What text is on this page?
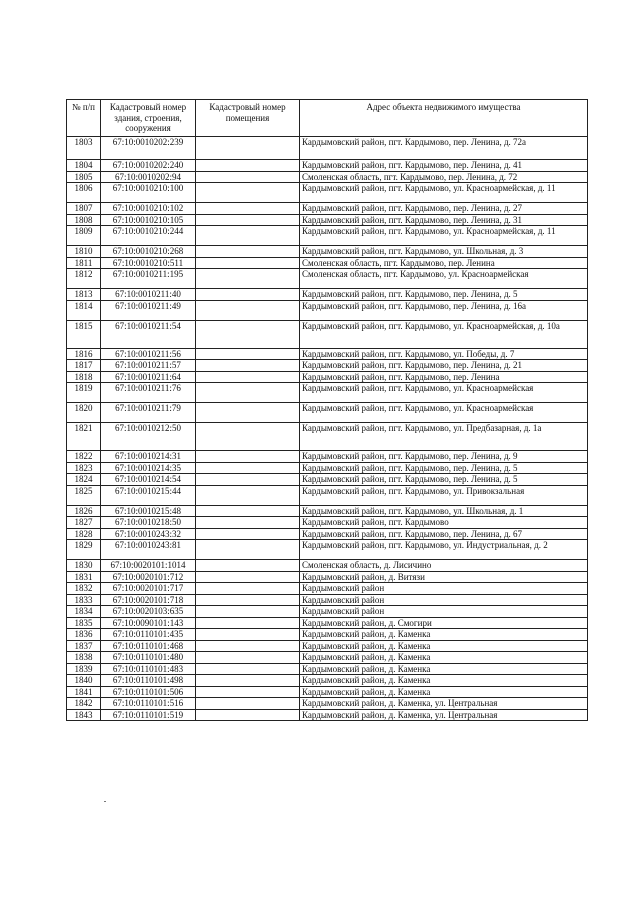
№ п/п	Кадастровый номер здания, строения, сооружения	Кадастровый номер помещения	Адрес объекта недвижимого имущества
1803	67:10:0010202:239		Кардымовский район, пгт. Кардымово, пер. Ленина, д. 72а
1804	67:10:0010202:240		Кардымовский район, пгт. Кардымово, пер. Ленина, д. 41
1805	67:10:0010202:94		Смоленская область, пгт. Кардымово, пер. Ленина, д. 72
1806	67:10:0010210:100		Кардымовский район, пгт. Кардымово, ул. Красноармейская, д. 11
1807	67:10:0010210:102		Кардымовский район, пгт. Кардымово, пер. Ленина, д. 27
1808	67:10:0010210:105		Кардымовский район, пгт. Кардымово, пер. Ленина, д. 31
1809	67:10:0010210:244		Кардымовский район, пгт. Кардымово, ул. Красноармейская, д. 11
1810	67:10:0010210:268		Кардымовский район, пгт. Кардымово, ул. Школьная, д. 3
1811	67:10:0010210:511		Смоленская область, пгт. Кардымово, пер. Ленина
1812	67:10:0010211:195		Смоленская область, пгт. Кардымово, ул. Красноармейская
1813	67:10:0010211:40		Кардымовский район, пгт. Кардымово, пер. Ленина, д. 5
1814	67:10:0010211:49		Кардымовский район, пгт. Кардымово, пер. Ленина, д. 16а
1815	67:10:0010211:54		Кардымовский район, пгт. Кардымово, ул. Красноармейская, д. 10а
1816	67:10:0010211:56		Кардымовский район, пгт. Кардымово, ул. Победы, д. 7
1817	67:10:0010211:57		Кардымовский район, пгт. Кардымово, пер. Ленина, д. 21
1818	67:10:0010211:64		Кардымовский район, пгт. Кардымово, пер. Ленина
1819	67:10:0010211:76		Кардымовский район, пгт. Кардымово, ул. Красноармейская
1820	67:10:0010211:79		Кардымовский район, пгт. Кардымово, ул. Красноармейская
1821	67:10:0010212:50		Кардымовский район, пгт. Кардымово, ул. Предбазарная, д. 1а
1822	67:10:0010214:31		Кардымовский район, пгт. Кардымово, пер. Ленина, д. 9
1823	67:10:0010214:35		Кардымовский район, пгт. Кардымово, пер. Ленина, д. 5
1824	67:10:0010214:54		Кардымовский район, пгт. Кардымово, пер. Ленина, д. 5
1825	67:10:0010215:44		Кардымовский район, пгт. Кардымово, ул. Привокзальная
1826	67:10:0010215:48		Кардымовский район, пгт. Кардымово, ул. Школьная, д. 1
1827	67:10:0010218:50		Кардымовский район, пгт. Кардымово
1828	67:10:0010243:32		Кардымовский район, пгт. Кардымово, пер. Ленина, д. 67
1829	67:10:0010243:81		Кардымовский район, пгт. Кардымово, ул. Индустриальная, д. 2
1830	67:10:0020101:1014		Смоленская область, д. Лисичино
1831	67:10:0020101:712		Кардымовский район, д. Витязи
1832	67:10:0020101:717		Кардымовский район
1833	67:10:0020101:718		Кардымовский район
1834	67:10:0020103:635		Кардымовский район
1835	67:10:0090101:143		Кардымовский район, д. Смогири
1836	67:10:0110101:435		Кардымовский район, д. Каменка
1837	67:10:0110101:468		Кардымовский район, д. Каменка
1838	67:10:0110101:480		Кардымовский район, д. Каменка
1839	67:10:0110101:483		Кардымовский район, д. Каменка
1840	67:10:0110101:498		Кардымовский район, д. Каменка
1841	67:10:0110101:506		Кардымовский район, д. Каменка
1842	67:10:0110101:516		Кардымовский район, д. Каменка, ул. Центральная
1843	67:10:0110101:519		Кардымовский район, д. Каменка, ул. Центральная
